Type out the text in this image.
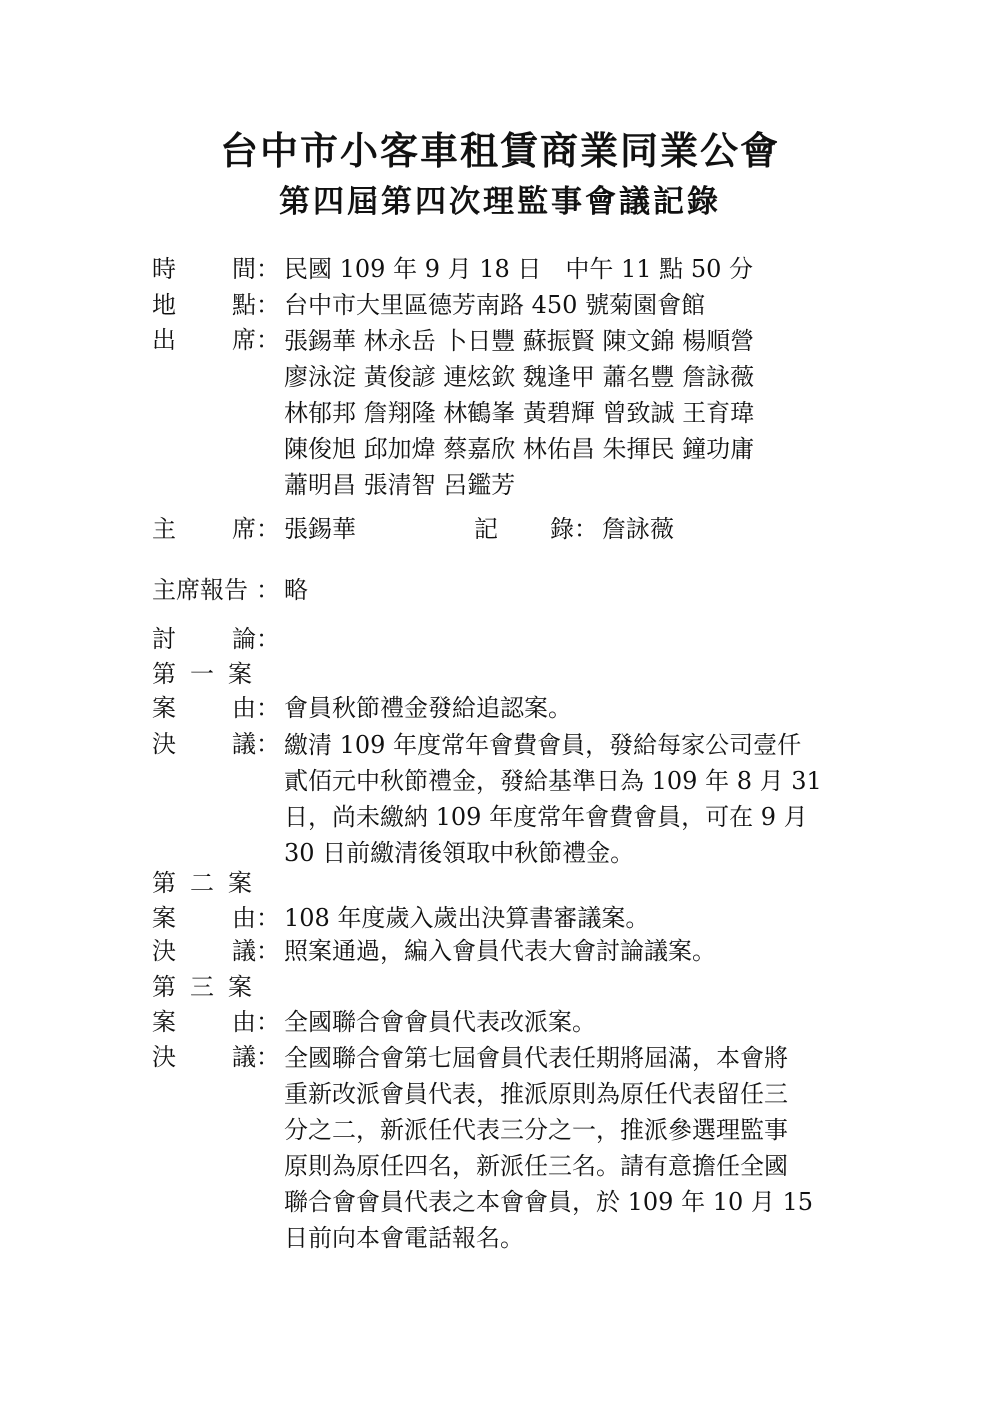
台中市小客車租賃商業同業公會
第四屆第四次理監事會議記錄
時 間 ： 民國 109 年 9 月 18 日　中午 11 點 50 分
地 點 ： 台中市大里區德芳南路 450 號菊園會館
出 席 ： 張錫華 林永岳 卜日豐 蘇振賢 陳文錦 楊順營
廖泳淀 黃俊諺 連炫欽 魏逢甲 蕭名豐 詹詠薇
林郁邦 詹翔隆 林鶴峯 黃碧輝 曾致誠 王育瑋
陳俊旭 邱加煒 蔡嘉欣 林佑昌 朱揮民 鐘功庸
蕭明昌 張清智 呂鑑芳
主 席 ： 張錫華	記 錄 ： 詹詠薇
主席報告 ： 略
討 論 ：
第一案
案 由 ： 會員秋節禮金發給追認案。
決 議 ： 繳清 109 年度常年會費會員，發給每家公司壹仟
貳佰元中秋節禮金，發給基準日為 109 年 8 月 31
日，尚未繳納 109 年度常年會費會員，可在 9 月
30 日前繳清後領取中秋節禮金。
第二案
案 由 ： 108 年度歲入歲出決算書審議案。
決 議 ： 照案通過，編入會員代表大會討論議案。
第三案
案 由 ： 全國聯合會會員代表改派案。
決 議 ： 全國聯合會第七屆會員代表任期將屆滿，本會將
重新改派會員代表，推派原則為原任代表留任三
分之二，新派任代表三分之一，推派參選理監事
原則為原任四名，新派任三名。請有意擔任全國
聯合會會員代表之本會會員，於 109 年 10 月 15
日前向本會電話報名。
